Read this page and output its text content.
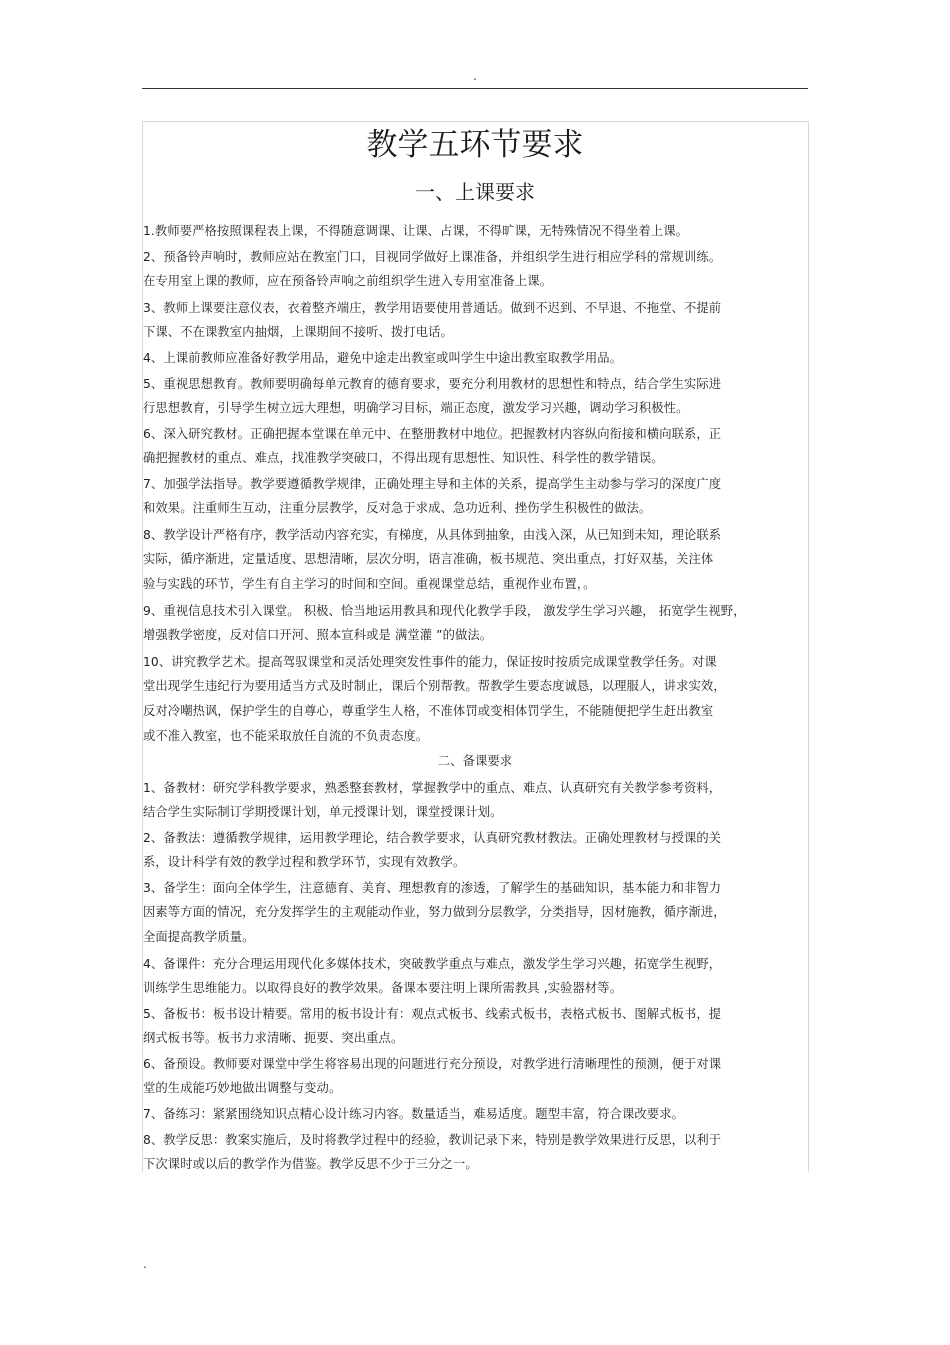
.
教学五环节要求
一、上课要求
1.教师要严格按照课程表上课，不得随意调课、让课、占课，不得旷课，无特殊情况不得坐着上课。
2、预备铃声响时，教师应站在教室门口，目视同学做好上课准备，并组织学生进行相应学科的常规训练。
在专用室上课的教师，应在预备铃声响之前组织学生进入专用室准备上课。
3、教师上课要注意仪表，衣着整齐端庄，教学用语要使用普通话。做到不迟到、不早退、不拖堂、不提前
下课、不在课教室内抽烟，上课期间不接听、拨打电话。
4、上课前教师应准备好教学用品，避免中途走出教室或叫学生中途出教室取教学用品。
5、重视思想教育。教师要明确每单元教育的德育要求，要充分利用教材的思想性和特点，结合学生实际进
行思想教育，引导学生树立远大理想，明确学习目标，端正态度，激发学习兴趣，调动学习积极性。
6、深入研究教材。正确把握本堂课在单元中、在整册教材中地位。把握教材内容纵向衔接和横向联系，正
确把握教材的重点、难点，找准教学突破口，不得出现有思想性、知识性、科学性的教学错误。
7、加强学法指导。教学要遵循教学规律，正确处理主导和主体的关系，提高学生主动参与学习的深度广度
和效果。注重师生互动，注重分层教学，反对急于求成、急功近利、挫伤学生积极性的做法。
8、教学设计严格有序，教学活动内容充实，有梯度，从具体到抽象，由浅入深，从已知到未知，理论联系
实际，循序渐进，定量适度、思想清晰，层次分明，语言准确，板书规范、突出重点，打好双基，关注体
验与实践的环节，学生有自主学习的时间和空间。重视课堂总结，重视作业布置，。
9、重视信息技术引入课堂。 积极、恰当地运用教具和现代化教学手段， 激发学生学习兴趣， 拓宽学生视野，
增强教学密度，反对信口开河、照本宣科或是 满堂灌 ”的做法。
10、讲究教学艺术。提高驾驭课堂和灵活处理突发性事件的能力，保证按时按质完成课堂教学任务。对课
堂出现学生违纪行为要用适当方式及时制止，课后个别帮教。帮教学生要态度诚恳，以理服人，讲求实效，
反对冷嘲热讽，保护学生的自尊心，尊重学生人格，不准体罚或变相体罚学生，不能随便把学生赶出教室
或不准入教室，也不能采取放任自流的不负责态度。
二、备课要求
1、备教材：研究学科教学要求，熟悉整套教材，掌握教学中的重点、难点、认真研究有关教学参考资料，
结合学生实际制订学期授课计划，单元授课计划，课堂授课计划。
2、备教法：遵循教学规律，运用教学理论，结合教学要求，认真研究教材教法。正确处理教材与授课的关
系，设计科学有效的教学过程和教学环节，实现有效教学。
3、备学生：面向全体学生，注意德育、美育、理想教育的渗透，了解学生的基础知识，基本能力和非智力
因素等方面的情况，充分发挥学生的主观能动作业，努力做到分层教学，分类指导，因材施教，循序渐进，
全面提高教学质量。
4、备课件：充分合理运用现代化多媒体技术，突破教学重点与难点，激发学生学习兴趣，拓宽学生视野，
训练学生思维能力。以取得良好的教学效果。备课本要注明上课所需教具 ,实验器材等。
5、备板书：板书设计精要。常用的板书设计有：观点式板书、线索式板书，表格式板书、图解式板书，提
纲式板书等。板书力求清晰、扼要、突出重点。
6、备预设。教师要对课堂中学生将容易出现的问题进行充分预设，对教学进行清晰理性的预测，便于对课
堂的生成能巧妙地做出调整与变动。
7、备练习：紧紧围绕知识点精心设计练习内容。数量适当，难易适度。题型丰富，符合课改要求。
8、教学反思：教案实施后，及时将教学过程中的经验，教训记录下来，特别是教学效果进行反思，以利于
下次课时或以后的教学作为借鉴。教学反思不少于三分之一。
.
